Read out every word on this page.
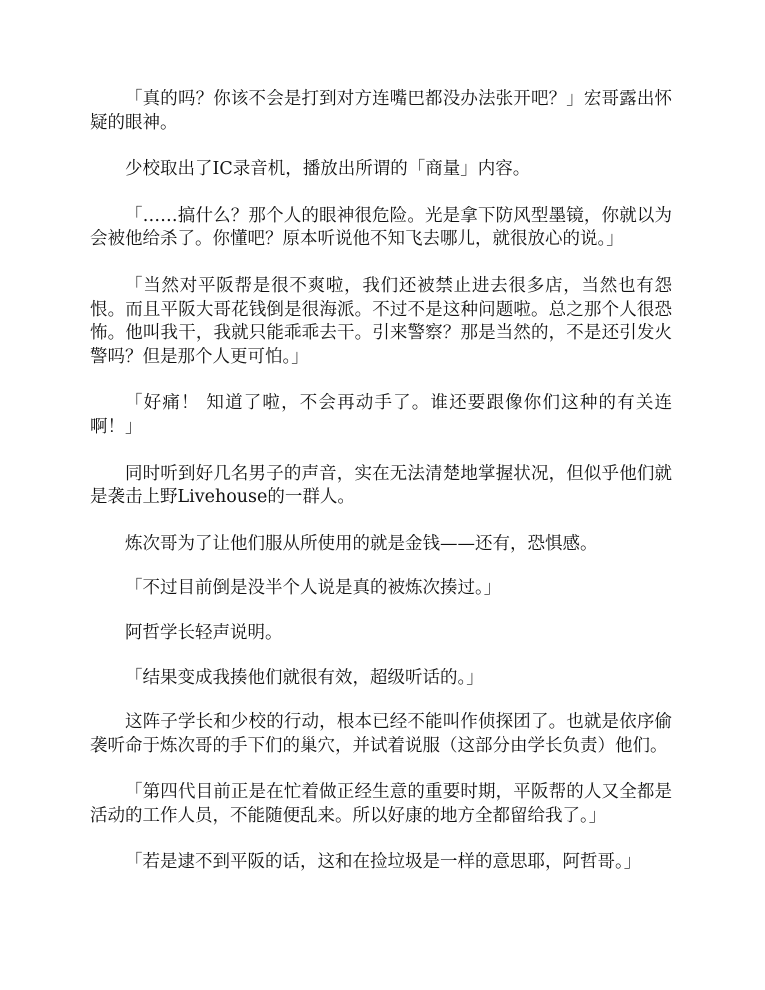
「真的吗？你该不会是打到对方连嘴巴都没办法张开吧？」宏哥露出怀疑的眼神。

少校取出了IC录音机，播放出所谓的「商量」内容。

「……搞什么？那个人的眼神很危险。光是拿下防风型墨镜，你就以为会被他给杀了。你懂吧？原本听说他不知飞去哪儿，就很放心的说。」

「当然对平阪帮是很不爽啦，我们还被禁止进去很多店，当然也有怨恨。而且平阪大哥花钱倒是很海派。不过不是这种问题啦。总之那个人很恐怖。他叫我干，我就只能乖乖去干。引来警察？那是当然的，不是还引发火警吗？但是那个人更可怕。」

「好痛！ 知道了啦，不会再动手了。谁还要跟像你们这种的有关连啊！」

同时听到好几名男子的声音，实在无法清楚地掌握状况，但似乎他们就是袭击上野Livehouse的一群人。

炼次哥为了让他们服从所使用的就是金钱——还有，恐惧感。

「不过目前倒是没半个人说是真的被炼次揍过。」

阿哲学长轻声说明。

「结果变成我揍他们就很有效，超级听话的。」

这阵子学长和少校的行动，根本已经不能叫作侦探团了。也就是依序偷袭听命于炼次哥的手下们的巢穴，并试着说服（这部分由学长负责）他们。

「第四代目前正是在忙着做正经生意的重要时期，平阪帮的人又全都是活动的工作人员，不能随便乱来。所以好康的地方全都留给我了。」

「若是逮不到平阪的话，这和在捡垃圾是一样的意思耶，阿哲哥。」
